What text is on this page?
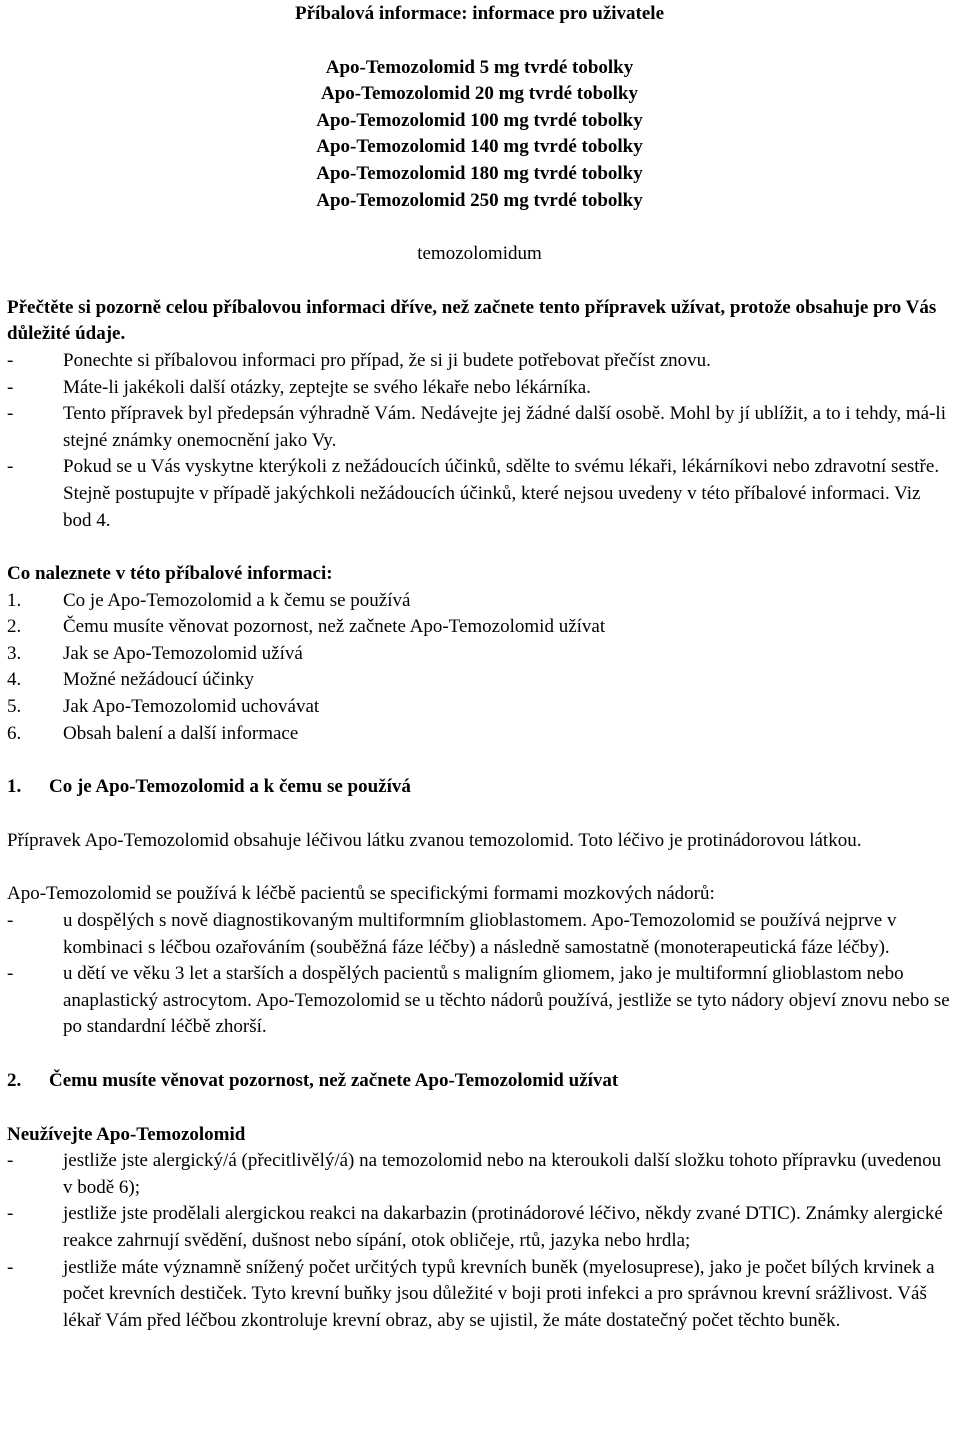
Příbalová informace: informace pro uživatele
Apo-Temozolomid 5 mg tvrdé tobolky
Apo-Temozolomid 20 mg tvrdé tobolky
Apo-Temozolomid 100 mg tvrdé tobolky
Apo-Temozolomid 140 mg tvrdé tobolky
Apo-Temozolomid 180 mg tvrdé tobolky
Apo-Temozolomid 250 mg tvrdé tobolky
temozolomidum
Přečtěte si pozorně celou příbalovou informaci dříve, než začnete tento přípravek užívat, protože obsahuje pro Vás důležité údaje.
-	Ponechte si příbalovou informaci pro případ, že si ji budete potřebovat přečíst znovu.
-	Máte-li jakékoli další otázky, zeptejte se svého lékaře nebo lékárníka.
-	Tento přípravek byl předepsán výhradně Vám. Nedávejte jej žádné další osobě. Mohl by jí ublížit, a to i tehdy, má-li stejné známky onemocnění jako Vy.
-	Pokud se u Vás vyskytne kterýkoli z nežádoucích účinků, sdělte to svému lékaři, lékárníkovi nebo zdravotní sestře. Stejně postupujte v případě jakýchkoli nežádoucích účinků, které nejsou uvedeny v této příbalové informaci. Viz bod 4.
Co naleznete v této příbalové informaci:
1. Co je Apo-Temozolomid a k čemu se používá
2. Čemu musíte věnovat pozornost, než začnete Apo-Temozolomid užívat
3. Jak se Apo-Temozolomid užívá
4. Možné nežádoucí účinky
5. Jak Apo-Temozolomid uchovávat
6. Obsah balení a další informace
1. Co je Apo-Temozolomid a k čemu se používá
Přípravek Apo-Temozolomid obsahuje léčivou látku zvanou temozolomid. Toto léčivo je protinádorovou látkou.
Apo-Temozolomid se používá k léčbě pacientů se specifickými formami mozkových nádorů:
-	u dospělých s nově diagnostikovaným multiformním glioblastomem. Apo-Temozolomid se používá nejprve v kombinaci s léčbou ozařováním (souběžná fáze léčby) a následně samostatně (monoterapeutická fáze léčby).
-	u dětí ve věku 3 let a starších a dospělých pacientů s maligním gliomem, jako je multiformní glioblastom nebo anaplastický astrocytom. Apo-Temozolomid se u těchto nádorů používá, jestliže se tyto nádory objeví znovu nebo se po standardní léčbě zhorší.
2. Čemu musíte věnovat pozornost, než začnete Apo-Temozolomid užívat
Neužívejte Apo-Temozolomid
-	jestliže jste alergický/á (přecitlivělý/á) na temozolomid nebo na kteroukoli další složku tohoto přípravku (uvedenou v bodě 6);
-	jestliže jste prodělali alergickou reakci na dakarbazin (protinádorové léčivo, někdy zvané DTIC). Známky alergické reakce zahrnují svědění, dušnost nebo sípání, otok obličeje, rtů, jazyka nebo hrdla;
-	jestliže máte významně snížený počet určitých typů krevních buněk (myelosuprese), jako je počet bílých krvinek a počet krevních destiček. Tyto krevní buňky jsou důležité v boji proti infekci a pro správnou krevní srážlivost. Váš lékař Vám před léčbou zkontroluje krevní obraz, aby se ujistil, že máte dostatečný počet těchto buněk.
